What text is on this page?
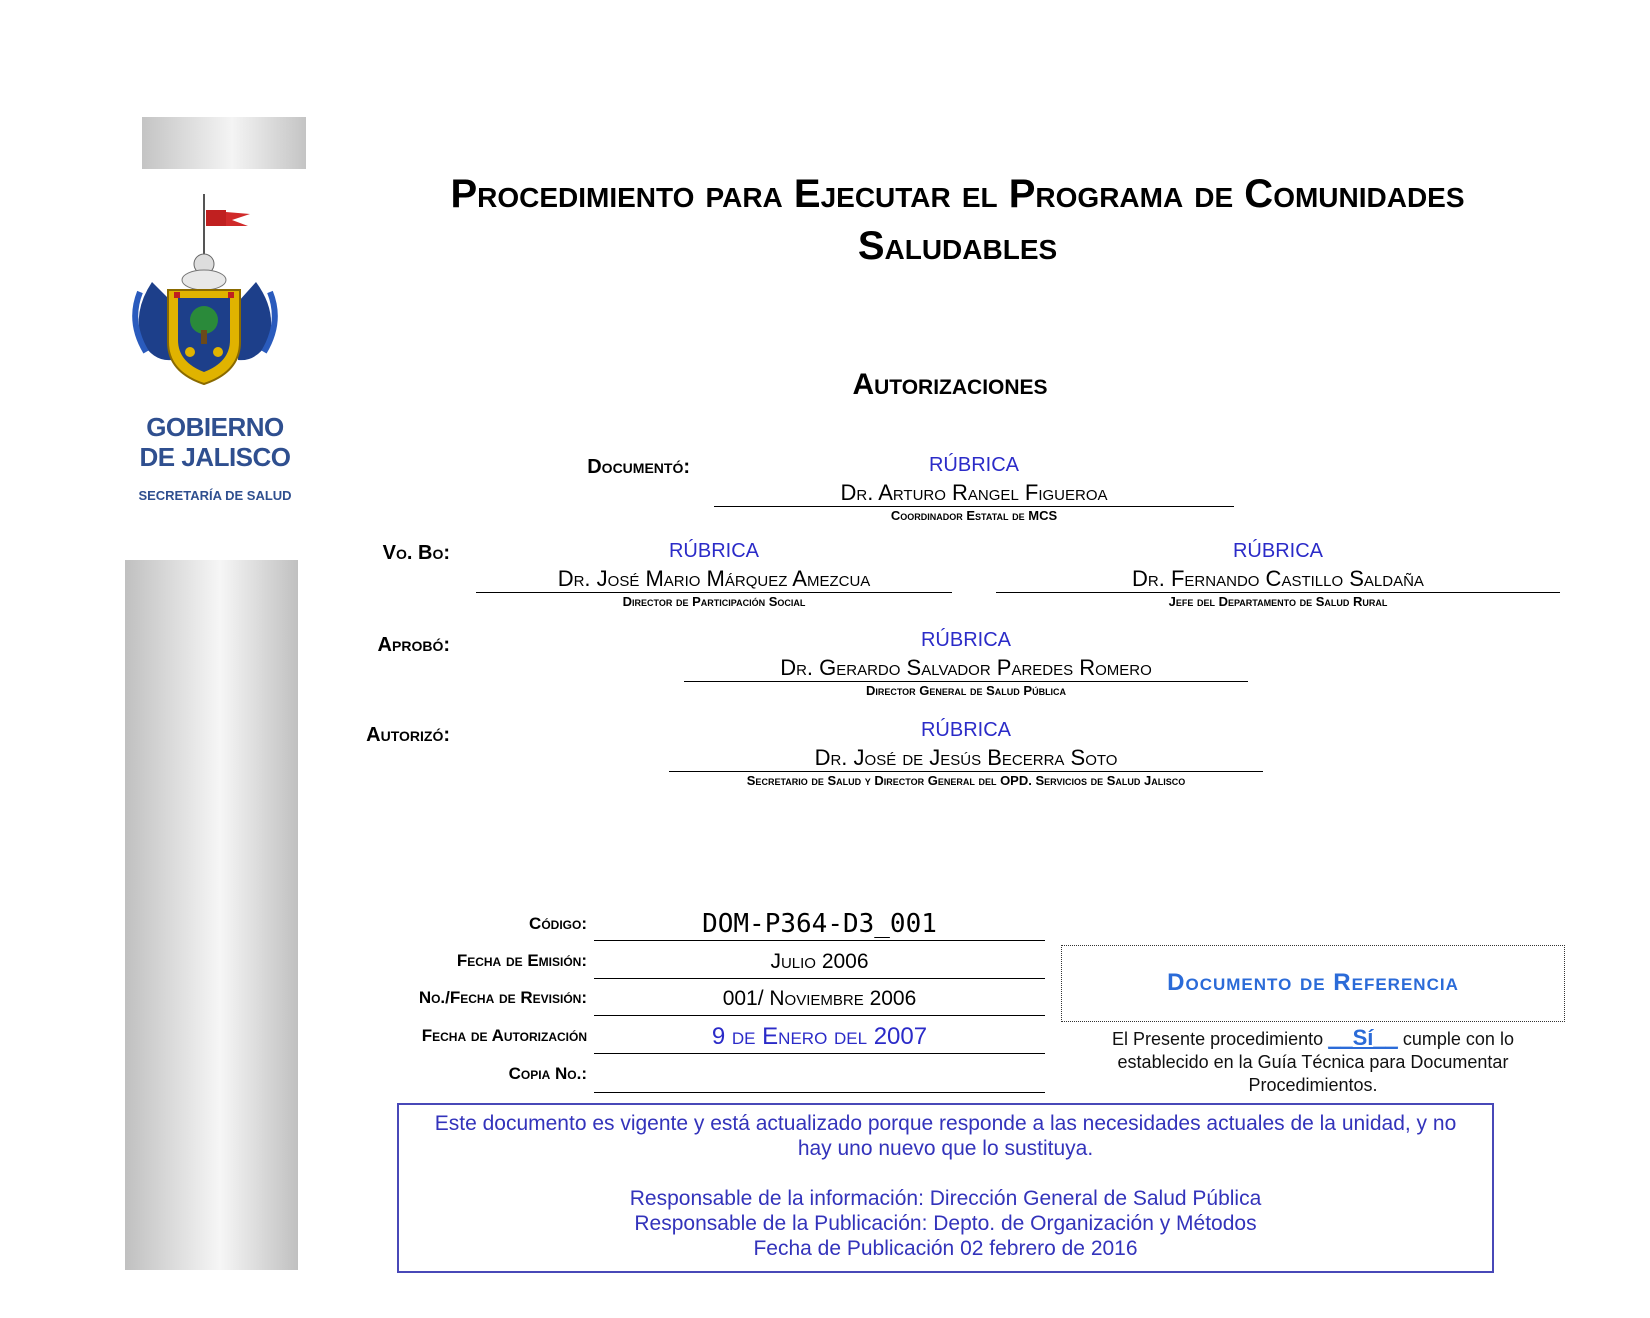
GOBIERNO
DE JALISCO
SECRETARÍA DE SALUD
Procedimiento para Ejecutar el Programa de Comunidades
Saludables
Autorizaciones
Documentó:	RÚBRICA
Dr. Arturo Rangel Figueroa
Coordinador Estatal de MCS
Vo. Bo:	RÚBRICA
Dr. José Mario Márquez Amezcua
Director de Participación Social
RÚBRICA
Dr. Fernando Castillo Saldaña
Jefe del Departamento de Salud Rural
Aprobó:	RÚBRICA
Dr. Gerardo Salvador Paredes Romero
Director General de Salud Pública
Autorizó:	RÚBRICA
Dr. José de Jesús Becerra Soto
Secretario de Salud y Director General del OPD. Servicios de Salud Jalisco
Código:	DOM-P364-D3_001
Fecha de Emisión:	Julio 2006
No./Fecha de Revisión:	001/ Noviembre 2006
Fecha de Autorización	9 de Enero del 2007
Copia No.:
Documento de Referencia
El Presente procedimiento __Sí__ cumple con lo establecido en la Guía Técnica para Documentar Procedimientos.
Este documento es vigente y está actualizado porque responde a las necesidades actuales de la unidad, y no
hay uno nuevo que lo sustituya.
Responsable de la información: Dirección General de Salud Pública
Responsable de la Publicación: Depto. de Organización y Métodos
Fecha de Publicación 02 febrero de 2016
